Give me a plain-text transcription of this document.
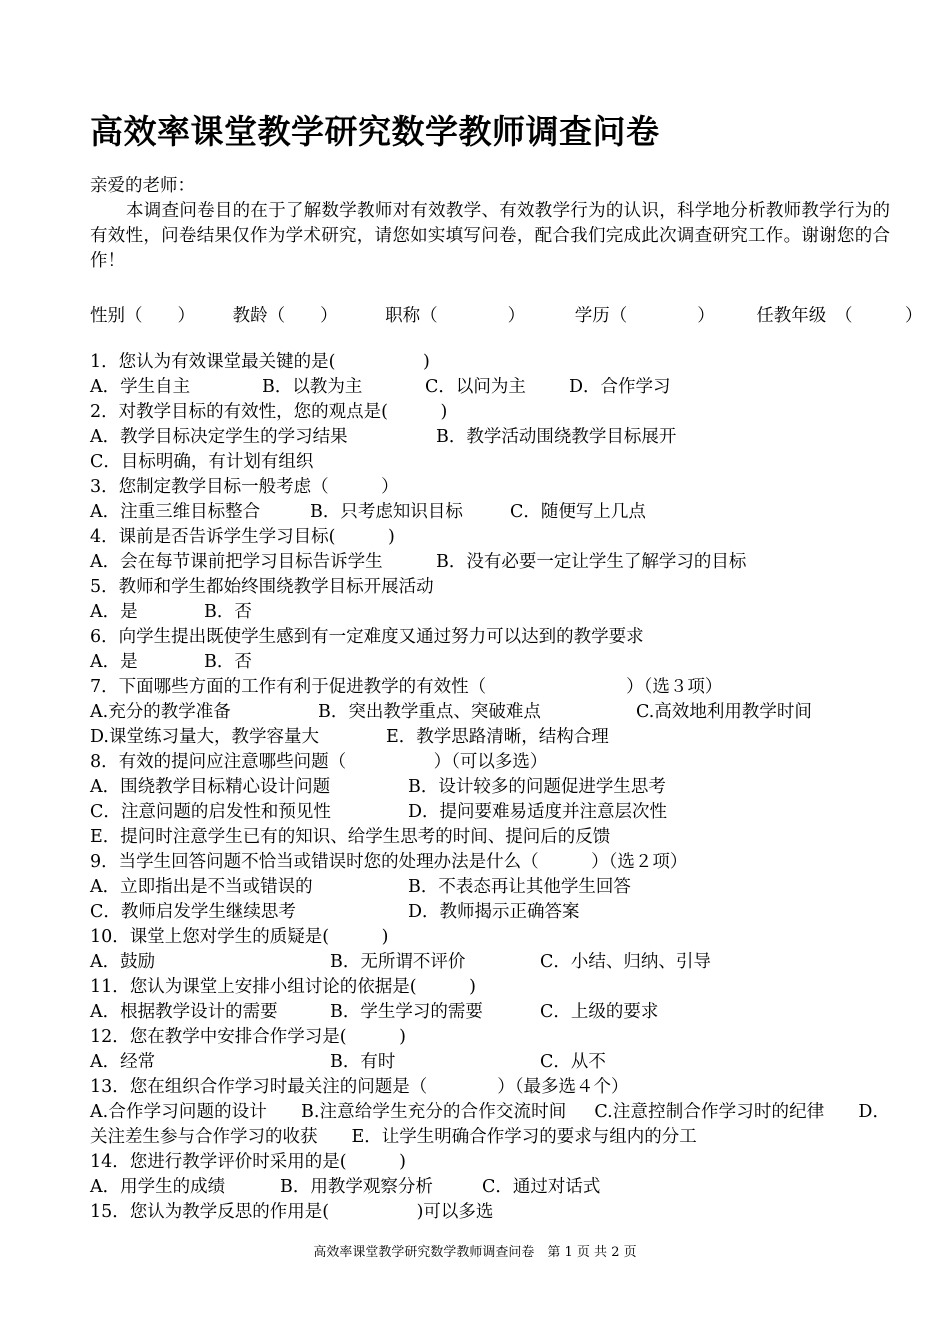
高效率课堂教学研究数学教师调查问卷
亲爱的老师：
本调查问卷目的在于了解数学教师对有效教学、有效教学行为的认识，科学地分析教师教学行为的有效性，问卷结果仅作为学术研究，请您如实填写问卷，配合我们完成此次调查研究工作。谢谢您的合作！
性别（　　） 教龄（　　）	职称（　　　　）	学历（　　　　） 任教年级　（　　　）
1．您认为有效课堂最关键的是(　　　　　)
A．学生自主	B．以教为主	C．以问为主 D．合作学习
2．对教学目标的有效性，您的观点是(　　　)
A．教学目标决定学生的学习结果	B．教学活动围绕教学目标展开
C．目标明确，有计划有组织
3．您制定教学目标一般考虑（　　　）
A．注重三维目标整合	B．只考虑知识目标	C．随便写上几点
4．课前是否告诉学生学习目标(　　　)
A．会在每节课前把学习目标告诉学生	B．没有必要一定让学生了解学习的目标
5．教师和学生都始终围绕教学目标开展活动
A．是	B．否
6．向学生提出既使学生感到有一定难度又通过努力可以达到的教学要求
A．是	B．否
7．下面哪些方面的工作有利于促进教学的有效性（　　　　　　　　）（选３项）
A.充分的教学准备	B．突出教学重点、突破难点	C.高效地利用教学时间
D.课堂练习量大，教学容量大	E．教学思路清晰，结构合理
8．有效的提问应注意哪些问题（　　　　　）（可以多选）
A．围绕教学目标精心设计问题	B．设计较多的问题促进学生思考
C．注意问题的启发性和预见性	D．提问要难易适度并注意层次性
E．提问时注意学生已有的知识、给学生思考的时间、提问后的反馈
9．当学生回答问题不恰当或错误时您的处理办法是什么（　　　）（选２项）
A．立即指出是不当或错误的	B．不表态再让其他学生回答
C．教师启发学生继续思考	D．教师揭示正确答案
10．课堂上您对学生的质疑是(　　　)
A．鼓励	B．无所谓不评价	C．小结、归纳、引导
11．您认为课堂上安排小组讨论的依据是(　　　)
A．根据教学设计的需要	B．学生学习的需要	C．上级的要求
12．您在教学中安排合作学习是(　　　)
A．经常	B．有时	C．从不
13．您在组织合作学习时最关注的问题是（　　　　）（最多选４个）
A.合作学习问题的设计 B.注意给学生充分的合作交流时间 C.注意控制合作学习时的纪律 D．关注差生参与合作学习的收获 E．让学生明确合作学习的要求与组内的分工
14．您进行教学评价时采用的是(　　　)
A．用学生的成绩	B．用教学观察分析	C．通过对话式
15．您认为教学反思的作用是(　　　　　)可以多选
高效率课堂教学研究数学教师调查问卷　第 1 页 共 2 页
